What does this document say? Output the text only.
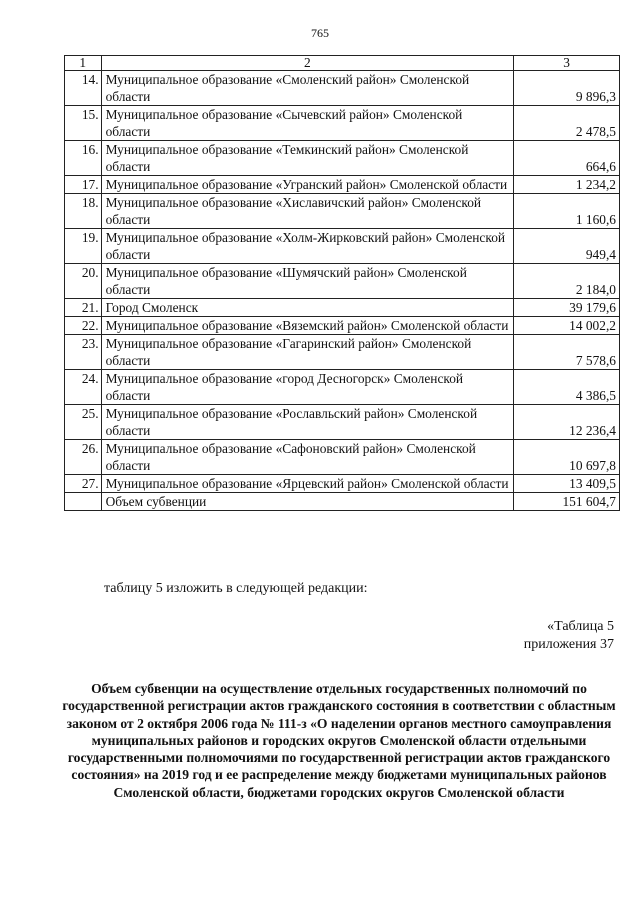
765
1	2	3
14.	Муниципальное образование «Смоленский район» Смоленской области	9 896,3
15.	Муниципальное образование «Сычевский район» Смоленской области	2 478,5
16.	Муниципальное образование «Темкинский район» Смоленской области	664,6
17.	Муниципальное образование «Угранский район» Смоленской области	1 234,2
18.	Муниципальное образование «Хиславичский район» Смоленской области	1 160,6
19.	Муниципальное образование «Холм-Жирковский район» Смоленской области	949,4
20.	Муниципальное образование «Шумячский район» Смоленской области	2 184,0
21.	Город Смоленск	39 179,6
22.	Муниципальное образование «Вяземский район» Смоленской области	14 002,2
23.	Муниципальное образование «Гагаринский район» Смоленской области	7 578,6
24.	Муниципальное образование «город Десногорск» Смоленской области	4 386,5
25.	Муниципальное образование «Рославльский район» Смоленской области	12 236,4
26.	Муниципальное образование «Сафоновский район» Смоленской области	10 697,8
27.	Муниципальное образование «Ярцевский район» Смоленской области	13 409,5
	Объем субвенции	151 604,7
таблицу 5 изложить в следующей редакции:
«Таблица 5
приложения 37
Объем субвенции на осуществление отдельных государственных полномочий по государственной регистрации актов гражданского состояния в соответствии с областным законом от 2 октября 2006 года № 111-з «О наделении органов местного самоуправления муниципальных районов и городских округов Смоленской области отдельными государственными полномочиями по государственной регистрации актов гражданского состояния» на 2019 год и ее распределение между бюджетами муниципальных районов Смоленской области, бюджетами городских округов Смоленской области
